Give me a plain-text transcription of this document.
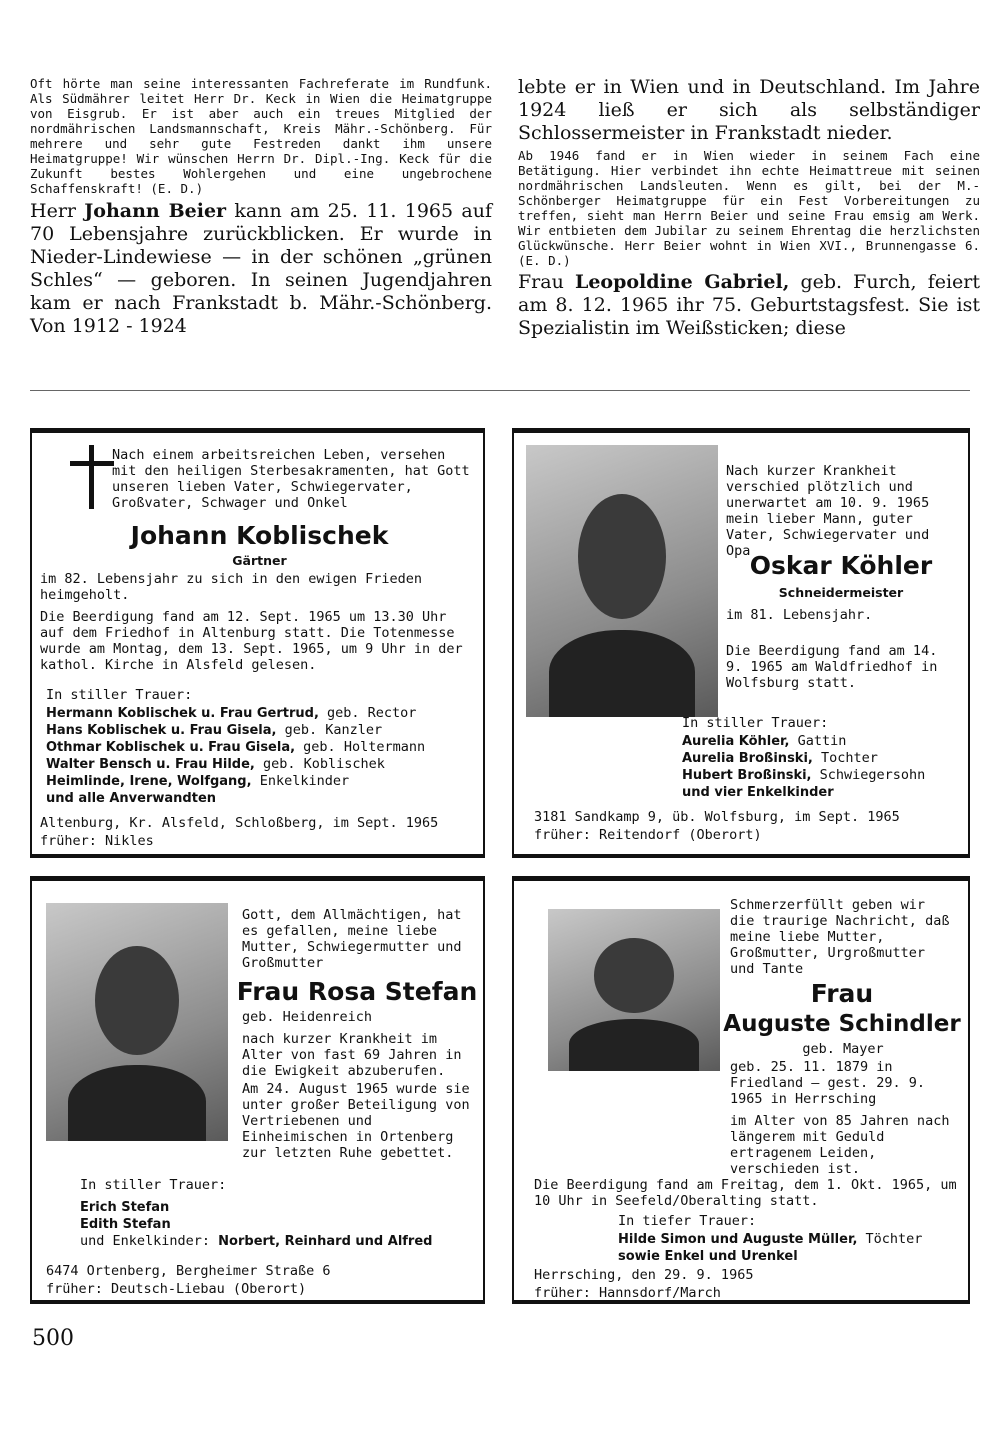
Oft hörte man seine interessanten Fachreferate im Rundfunk. Als Südmährer leitet Herr Dr. Keck in Wien die Heimatgruppe von Eisgrub. Er ist aber auch ein treues Mitglied der nordmährischen Landsmannschaft, Kreis Mähr.-Schönberg. Für mehrere und sehr gute Festreden dankt ihm unsere Heimatgruppe! Wir wünschen Herrn Dr. Dipl.-Ing. Keck für die Zukunft bestes Wohlergehen und eine ungebrochene Schaffenskraft! (E. D.)

Herr Johann Beier kann am 25. 11. 1965 auf 70 Lebensjahre zurückblicken. Er wurde in Nieder-Lindewiese — in der schönen „grünen Schles“ — geboren. In seinen Jugendjahren kam er nach Frankstadt b. Mähr.-Schönberg. Von 1912 - 1924

lebte er in Wien und in Deutschland. Im Jahre 1924 ließ er sich als selbständiger Schlossermeister in Frankstadt nieder.

Ab 1946 fand er in Wien wieder in seinem Fach eine Betätigung. Hier verbindet ihn echte Heimattreue mit seinen nordmährischen Landsleuten. Wenn es gilt, bei der M.-Schönberger Heimatgruppe für ein Fest Vorbereitungen zu treffen, sieht man Herrn Beier und seine Frau emsig am Werk. Wir entbieten dem Jubilar zu seinem Ehrentag die herzlichsten Glückwünsche. Herr Beier wohnt in Wien XVI., Brunnengasse 6. (E. D.)

Frau Leopoldine Gabriel, geb. Furch, feiert am 8. 12. 1965 ihr 75. Geburtstagsfest. Sie ist Spezialistin im Weißsticken; diese

Nach einem arbeitsreichen Leben, versehen mit den heiligen Sterbesakramenten, hat Gott unseren lieben Vater, Schwiegervater, Großvater, Schwager und Onkel

Johann Koblischek

Gärtner

im 82. Lebensjahr zu sich in den ewigen Frieden heimgeholt.

Die Beerdigung fand am 12. Sept. 1965 um 13.30 Uhr auf dem Friedhof in Altenburg statt. Die Totenmesse wurde am Montag, dem 13. Sept. 1965, um 9 Uhr in der kathol. Kirche in Alsfeld gelesen.

In stiller Trauer:

Hermann Koblischek u. Frau Gertrud, geb. Rector
Hans Koblischek u. Frau Gisela, geb. Kanzler
Othmar Koblischek u. Frau Gisela, geb. Holtermann
Walter Bensch u. Frau Hilde, geb. Koblischek
Heimlinde, Irene, Wolfgang, Enkelkinder
und alle Anverwandten

Altenburg, Kr. Alsfeld, Schloßberg, im Sept. 1965

früher: Nikles

Nach kurzer Krankheit verschied plötzlich und unerwartet am 10. 9. 1965 mein lieber Mann, guter Vater, Schwiegervater und Opa Oskar Köhler

Schneidermeister

im 81. Lebensjahr.

Die Beerdigung fand am 14. 9. 1965 am Waldfriedhof in Wolfsburg statt.

In stiller Trauer:

Aurelia Köhler, Gattin
Aurelia Broßinski, Tochter
Hubert Broßinski, Schwiegersohn
und vier Enkelkinder

3181 Sandkamp 9, üb. Wolfsburg, im Sept. 1965

früher: Reitendorf (Oberort)

Gott, dem Allmächtigen, hat es gefallen, meine liebe Mutter, Schwiegermutter und Großmutter

Frau Rosa Stefan

geb. Heidenreich

nach kurzer Krankheit im Alter von fast 69 Jahren in die Ewigkeit abzuberufen.

Am 24. August 1965 wurde sie unter großer Beteiligung von Vertriebenen und Einheimischen in Ortenberg zur letzten Ruhe gebettet.

In stiller Trauer:

Erich Stefan
Edith Stefan
und Enkelkinder: Norbert, Reinhard und Alfred

6474 Ortenberg, Bergheimer Straße 6

früher: Deutsch-Liebau (Oberort)

Schmerzerfüllt geben wir die traurige Nachricht, daß meine liebe Mutter, Großmutter, Urgroßmutter und Tante

Frau

Auguste Schindler

geb. Mayer

geb. 25. 11. 1879 in Friedland — gest. 29. 9. 1965 in Herrsching

im Alter von 85 Jahren nach längerem mit Geduld ertragenem Leiden, verschieden ist.

Die Beerdigung fand am Freitag, dem 1. Okt. 1965, um 10 Uhr in Seefeld/Oberalting statt.

In tiefer Trauer:

Hilde Simon und Auguste Müller, Töchter
sowie Enkel und Urenkel

Herrsching, den 29. 9. 1965

früher: Hannsdorf/March

500
